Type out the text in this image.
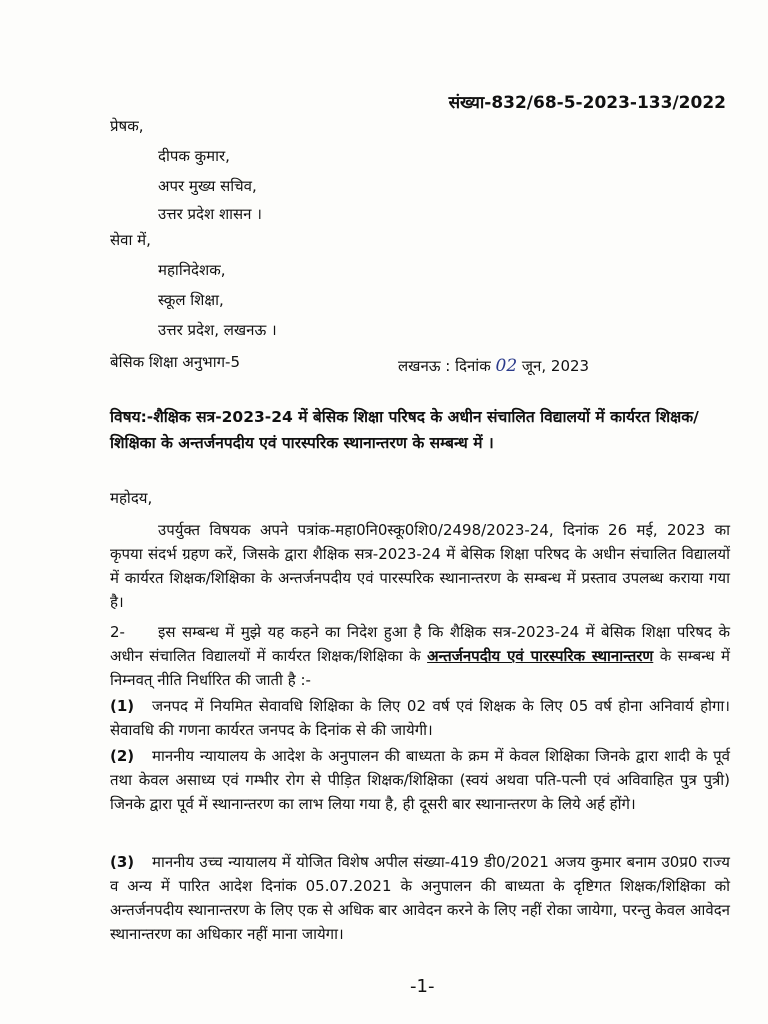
संख्या-832/68-5-2023-133/2022
प्रेषक,
दीपक कुमार,
अपर मुख्य सचिव,
उत्तर प्रदेश शासन ।
सेवा में,
महानिदेशक,
स्कूल शिक्षा,
उत्तर प्रदेश, लखनऊ ।
बेसिक शिक्षा अनुभाग-5	लखनऊ : दिनांक 02 जून, 2023
विषय:-शैक्षिक सत्र-2023-24 में बेसिक शिक्षा परिषद के अधीन संचालित विद्यालयों में कार्यरत शिक्षक/शिक्षिका के अन्तर्जनपदीय एवं पारस्परिक स्थानान्तरण के सम्बन्ध में ।
महोदय,
उपर्युक्त विषयक अपने पत्रांक-महा0नि0स्कू0शि0/2498/2023-24, दिनांक 26 मई, 2023 का कृपया संदर्भ ग्रहण करें, जिसके द्वारा शैक्षिक सत्र-2023-24 में बेसिक शिक्षा परिषद के अधीन संचालित विद्यालयों में कार्यरत शिक्षक/शिक्षिका के अन्तर्जनपदीय एवं पारस्परिक स्थानान्तरण के सम्बन्ध में प्रस्ताव उपलब्ध कराया गया है।
2- इस सम्बन्ध में मुझे यह कहने का निदेश हुआ है कि शैक्षिक सत्र-2023-24 में बेसिक शिक्षा परिषद के अधीन संचालित विद्यालयों में कार्यरत शिक्षक/शिक्षिका के अन्तर्जनपदीय एवं पारस्परिक स्थानान्तरण के सम्बन्ध में निम्नवत् नीति निर्धारित की जाती है :-
(1) जनपद में नियमित सेवावधि शिक्षिका के लिए 02 वर्ष एवं शिक्षक के लिए 05 वर्ष होना अनिवार्य होगा। सेवावधि की गणना कार्यरत जनपद के दिनांक से की जायेगी।
(2) माननीय न्यायालय के आदेश के अनुपालन की बाध्यता के क्रम में केवल शिक्षिका जिनके द्वारा शादी के पूर्व तथा केवल असाध्य एवं गम्भीर रोग से पीड़ित शिक्षक/शिक्षिका (स्वयं अथवा पति-पत्नी एवं अविवाहित पुत्र पुत्री) जिनके द्वारा पूर्व में स्थानान्तरण का लाभ लिया गया है, ही दूसरी बार स्थानान्तरण के लिये अर्ह होंगे।
(3) माननीय उच्च न्यायालय में योजित विशेष अपील संख्या-419 डी0/2021 अजय कुमार बनाम उ0प्र0 राज्य व अन्य में पारित आदेश दिनांक 05.07.2021 के अनुपालन की बाध्यता के दृष्टिगत शिक्षक/शिक्षिका को अन्तर्जनपदीय स्थानान्तरण के लिए एक से अधिक बार आवेदन करने के लिए नहीं रोका जायेगा, परन्तु केवल आवेदन स्थानान्तरण का अधिकार नहीं माना जायेगा।
-1-
